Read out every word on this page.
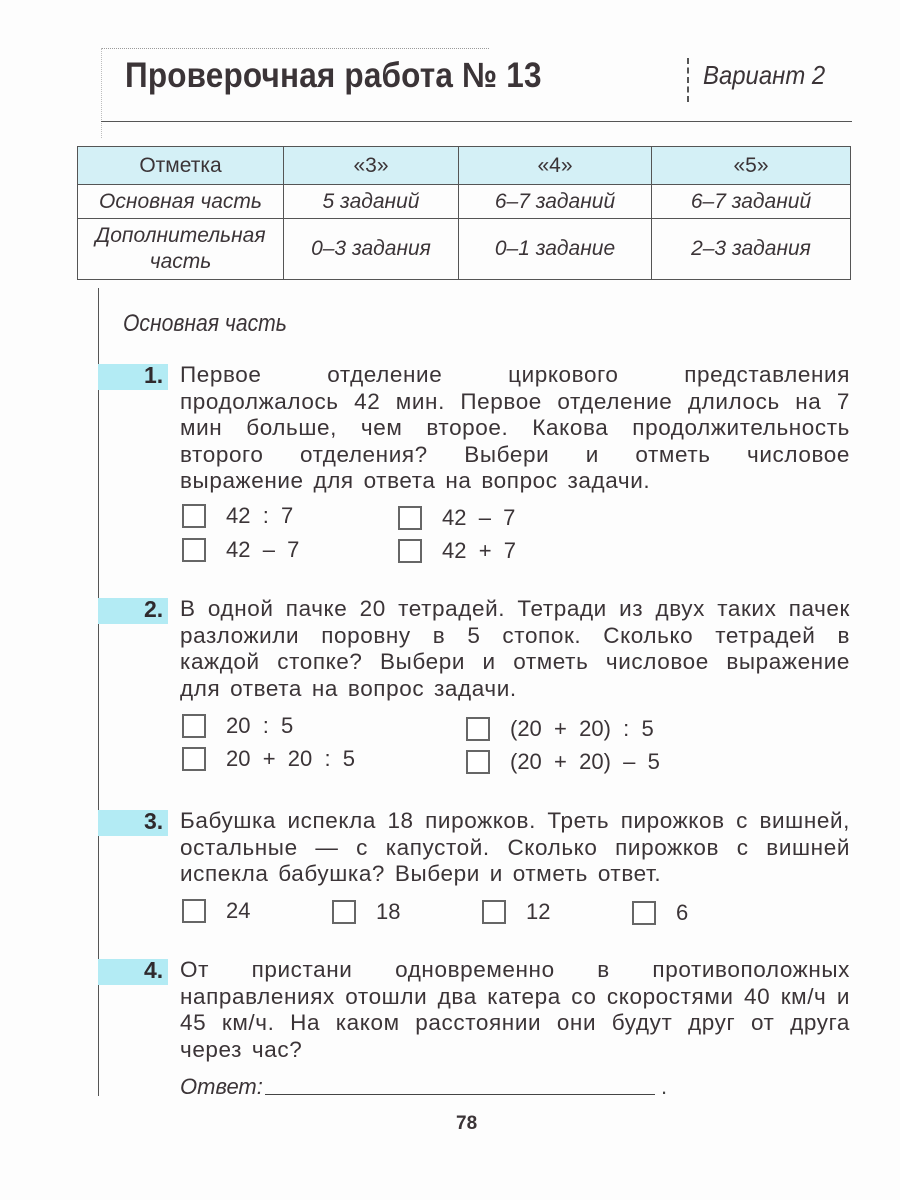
Проверочная работа № 13	Вариант 2
Отметка	«3»	«4»	«5»
Основная часть	5 заданий	6–7 заданий	6–7 заданий
Дополнительная
часть	0–3 задания	0–1 задание	2–3 задания
Основная часть
1. Первое отделение циркового представления продолжалось 42 мин. Первое отделение длилось на 7 мин больше, чем второе. Какова продолжительность второго отделения? Выбери и отметь числовое выражение для ответа на вопрос задачи.
42  :  7	42  –  7
42  –  7	42  +  7
2. В одной пачке 20 тетрадей. Тетради из двух таких пачек разложили поровну в 5 стопок. Сколько тетрадей в каждой стопке? Выбери и отметь числовое выражение для ответа на вопрос задачи.
20  :  5	(20  +  20)  :  5
20  +  20  :  5	(20  +  20)  –  5
3. Бабушка испекла 18 пирожков. Треть пирожков с вишней, остальные — с капустой. Сколько пирожков с вишней испекла бабушка? Выбери и отметь ответ.
24	18	12	6
4. От пристани одновременно в противоположных направлениях отошли два катера со скоростями 40 км/ч и 45 км/ч. На каком расстоянии они будут друг от друга через час?
Ответ:	.
78
